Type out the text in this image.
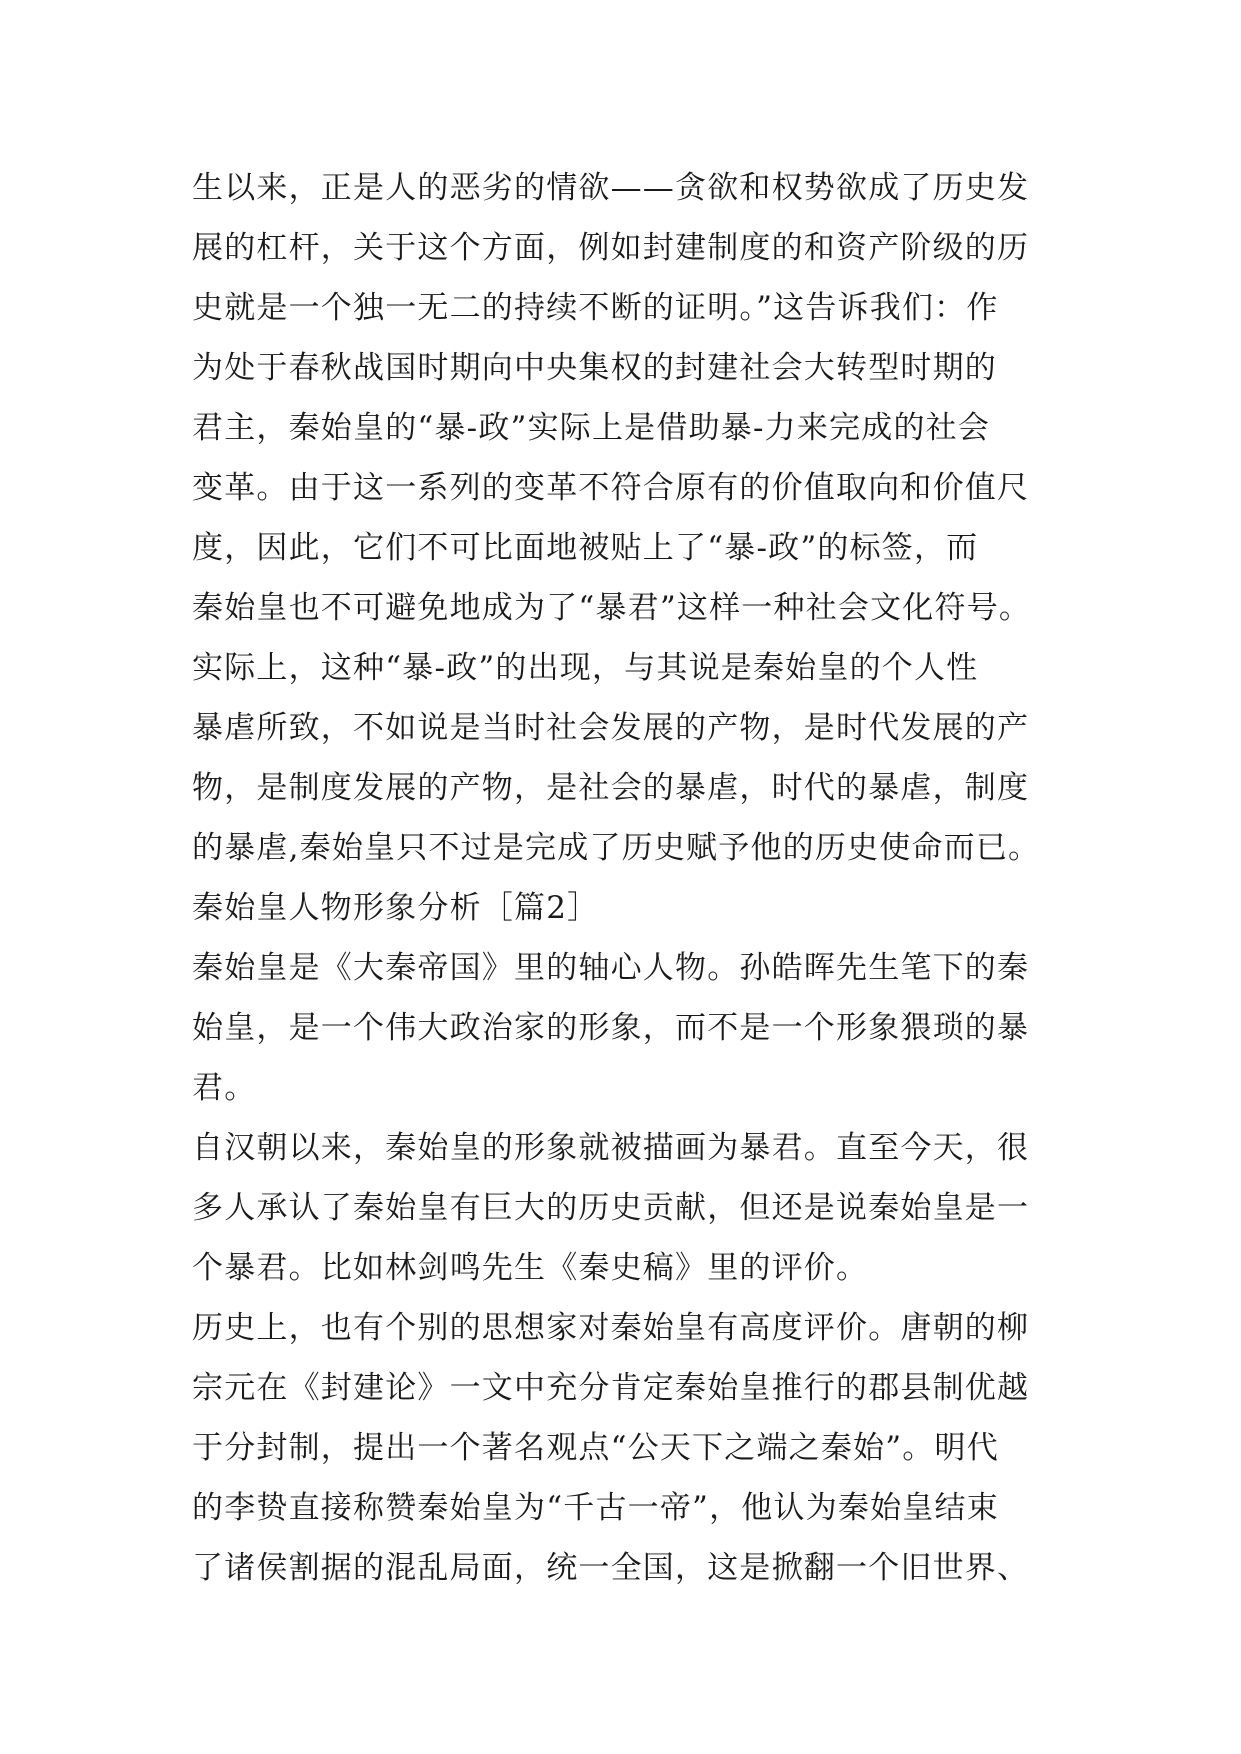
生以来，正是人的恶劣的情欲——贪欲和权势欲成了历史发
展的杠杆，关于这个方面，例如封建制度的和资产阶级的历
史就是一个独一无二的持续不断的证明。”这告诉我们：作
为处于春秋战国时期向中央集权的封建社会大转型时期的
君主，秦始皇的“暴-政”实际上是借助暴-力来完成的社会
变革。由于这一系列的变革不符合原有的价值取向和价值尺
度，因此，它们不可比面地被贴上了“暴-政”的标签，而
秦始皇也不可避免地成为了“暴君”这样一种社会文化符号。
实际上，这种“暴-政”的出现，与其说是秦始皇的个人性
暴虐所致，不如说是当时社会发展的产物，是时代发展的产
物，是制度发展的产物，是社会的暴虐，时代的暴虐，制度
的暴虐,秦始皇只不过是完成了历史赋予他的历史使命而已。
秦始皇人物形象分析［篇2］
秦始皇是《大秦帝国》里的轴心人物。孙皓晖先生笔下的秦
始皇，是一个伟大政治家的形象，而不是一个形象猥琐的暴
君。
自汉朝以来，秦始皇的形象就被描画为暴君。直至今天，很
多人承认了秦始皇有巨大的历史贡献，但还是说秦始皇是一
个暴君。比如林剑鸣先生《秦史稿》里的评价。
历史上，也有个别的思想家对秦始皇有高度评价。唐朝的柳
宗元在《封建论》一文中充分肯定秦始皇推行的郡县制优越
于分封制，提出一个著名观点“公天下之端之秦始”。明代
的李贽直接称赞秦始皇为“千古一帝”，他认为秦始皇结束
了诸侯割据的混乱局面，统一全国，这是掀翻一个旧世界、
